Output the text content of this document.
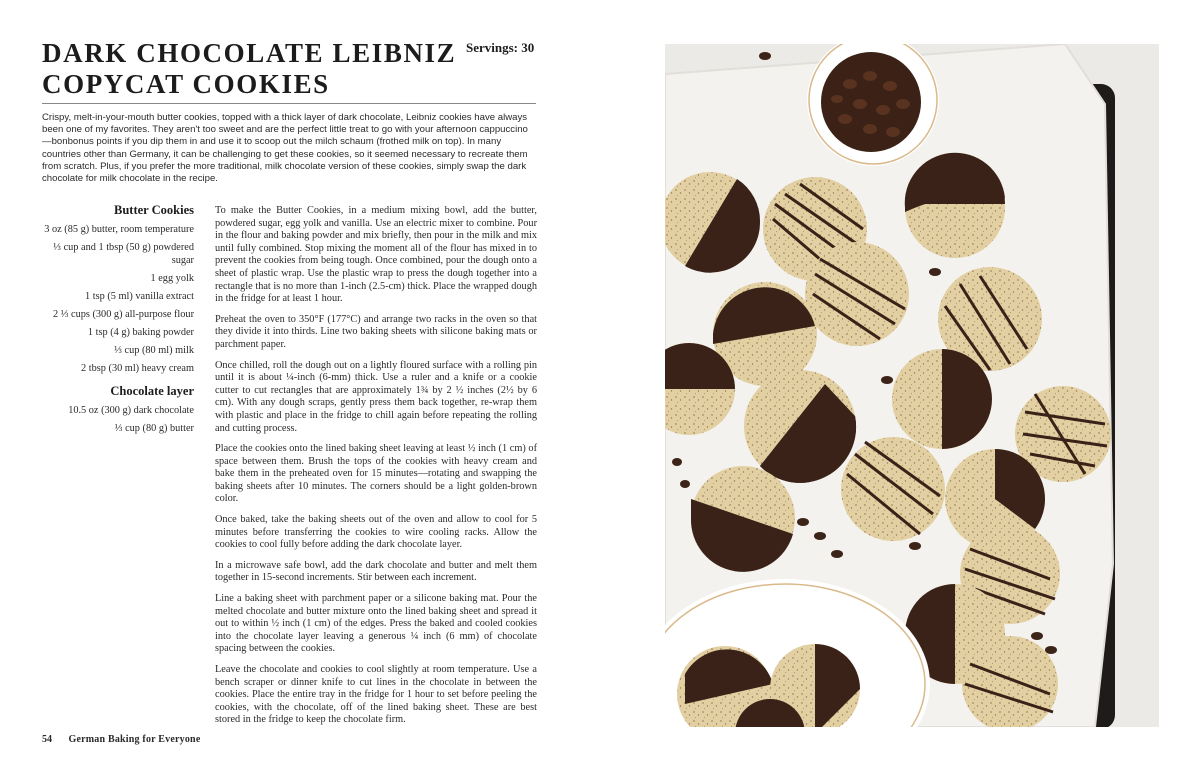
DARK CHOCOLATE LEIBNIZ COPYCAT COOKIES
Servings: 30

Crispy, melt-in-your-mouth butter cookies, topped with a thick layer of dark chocolate, Leibniz cookies have always been one of my favorites. They aren't too sweet and are the perfect little treat to go with your afternoon cappuccino—bonbonus points if you dip them in and use it to scoop out the milch schaum (frothed milk on top). In many countries other than Germany, it can be challenging to get these cookies, so it seemed necessary to recreate them from scratch. Plus, if you prefer the more traditional, milk chocolate version of these cookies, simply swap the dark chocolate for milk chocolate in the recipe.

Butter Cookies
3 oz (85 g) butter, room temperature
⅓ cup and 1 tbsp (50 g) powdered sugar
1 egg yolk
1 tsp (5 ml) vanilla extract
2 ⅓ cups (300 g) all-purpose flour
1 tsp (4 g) baking powder
⅓ cup (80 ml) milk
2 tbsp (30 ml) heavy cream
Chocolate layer
10.5 oz (300 g) dark chocolate
⅓ cup (80 g) butter

To make the Butter Cookies, in a medium mixing bowl, add the butter, powdered sugar, egg yolk and vanilla. Use an electric mixer to combine. Pour in the flour and baking powder and mix briefly, then pour in the milk and mix until fully combined. Stop mixing the moment all of the flour has mixed in to prevent the cookies from being tough. Once combined, pour the dough onto a sheet of plastic wrap. Use the plastic wrap to press the dough together into a rectangle that is no more than 1-inch (2.5-cm) thick. Place the wrapped dough in the fridge for at least 1 hour.

Preheat the oven to 350°F (177°C) and arrange two racks in the oven so that they divide it into thirds. Line two baking sheets with silicone baking mats or parchment paper.

Once chilled, roll the dough out on a lightly floured surface with a rolling pin until it is about ¼-inch (6-mm) thick. Use a ruler and a knife or a cookie cutter to cut rectangles that are approximately 1¾ by 2 ½ inches (2½ by 6 cm). With any dough scraps, gently press them back together, re-wrap them with plastic and place in the fridge to chill again before repeating the rolling and cutting process.

Place the cookies onto the lined baking sheet leaving at least ½ inch (1 cm) of space between them. Brush the tops of the cookies with heavy cream and bake them in the preheated oven for 15 minutes—rotating and swapping the baking sheets after 10 minutes. The corners should be a light golden-brown color.

Once baked, take the baking sheets out of the oven and allow to cool for 5 minutes before transferring the cookies to wire cooling racks. Allow the cookies to cool fully before adding the dark chocolate layer.

In a microwave safe bowl, add the dark chocolate and butter and melt them together in 15-second increments. Stir between each increment.

Line a baking sheet with parchment paper or a silicone baking mat. Pour the melted chocolate and butter mixture onto the lined baking sheet and spread it out to within ½ inch (1 cm) of the edges. Press the baked and cooled cookies into the chocolate layer leaving a generous ¼ inch (6 mm) of chocolate spacing between the cookies.

Leave the chocolate and cookies to cool slightly at room temperature. Use a bench scraper or dinner knife to cut lines in the chocolate in between the cookies. Place the entire tray in the fridge for 1 hour to set before peeling the cookies, with the chocolate, off of the lined baking sheet. These are best stored in the fridge to keep the chocolate firm.

54 German Baking for Everyone
